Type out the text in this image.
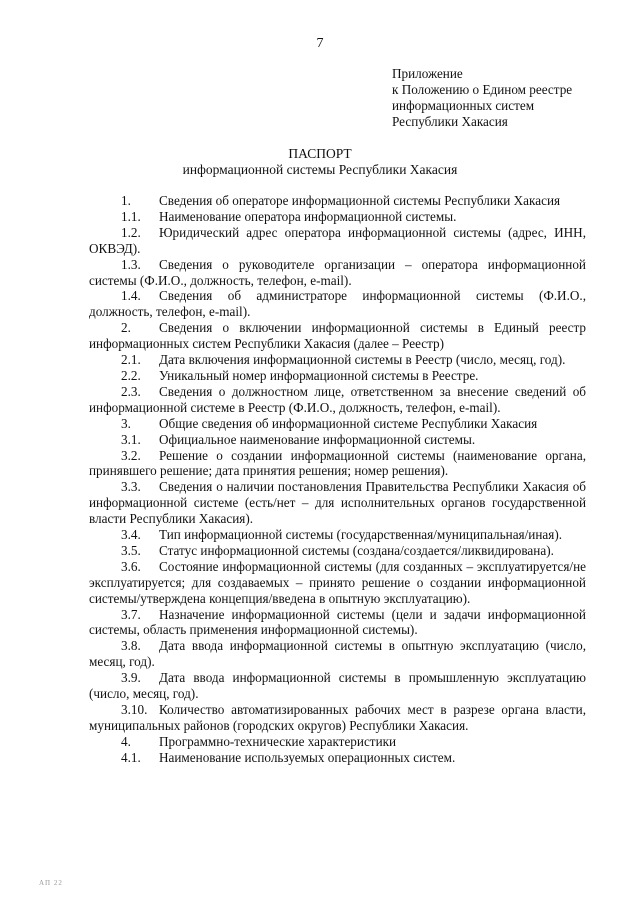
7
Приложение
к Положению о Едином реестре
информационных систем
Республики Хакасия
ПАСПОРТ
информационной системы Республики Хакасия

1. Сведения об операторе информационной системы Республики Хакасия

1.1. Наименование оператора информационной системы.

1.2. Юридический адрес оператора информационной системы (адрес, ИНН, ОКВЭД).

1.3. Сведения о руководителе организации – оператора информационной системы (Ф.И.О., должность, телефон, e-mail).

1.4. Сведения об администраторе информационной системы (Ф.И.О., должность, телефон, e-mail).

2. Сведения о включении информационной системы в Единый реестр информационных систем Республики Хакасия (далее – Реестр)

2.1. Дата включения информационной системы в Реестр (число, месяц, год).

2.2. Уникальный номер информационной системы в Реестре.

2.3. Сведения о должностном лице, ответственном за внесение сведений об информационной системе в Реестр (Ф.И.О., должность, телефон, e-mail).

3. Общие сведения об информационной системе Республики Хакасия

3.1. Официальное наименование информационной системы.

3.2. Решение о создании информационной системы (наименование органа, принявшего решение; дата принятия решения; номер решения).

3.3. Сведения о наличии постановления Правительства Республики Хакасия об информационной системе (есть/нет – для исполнительных органов государственной власти Республики Хакасия).

3.4. Тип информационной системы (государственная/муниципальная/иная).

3.5. Статус информационной системы (создана/создается/ликвидирована).

3.6. Состояние информационной системы (для созданных – эксплуатируется/не эксплуатируется; для создаваемых – принято решение о создании информационной системы/утверждена концепция/введена в опытную эксплуатацию).

3.7. Назначение информационной системы (цели и задачи информационной системы, область применения информационной системы).

3.8. Дата ввода информационной системы в опытную эксплуатацию (число, месяц, год).

3.9. Дата ввода информационной системы в промышленную эксплуатацию (число, месяц, год).

3.10. Количество автоматизированных рабочих мест в разрезе органа власти, муниципальных районов (городских округов) Республики Хакасия.

4. Программно-технические характеристики

4.1. Наименование используемых операционных систем.

АП 22
